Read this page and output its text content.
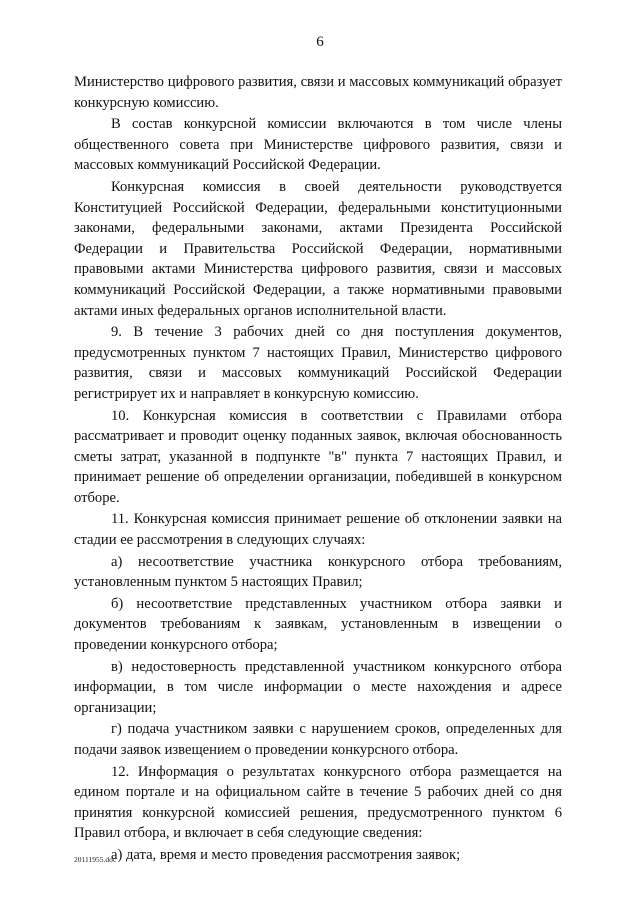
6

Министерство цифрового развития, связи и массовых коммуникаций образует конкурсную комиссию.

В состав конкурсной комиссии включаются в том числе члены общественного совета при Министерстве цифрового развития, связи и массовых коммуникаций Российской Федерации.

Конкурсная комиссия в своей деятельности руководствуется Конституцией Российской Федерации, федеральными конституционными законами, федеральными законами, актами Президента Российской Федерации и Правительства Российской Федерации, нормативными правовыми актами Министерства цифрового развития, связи и массовых коммуникаций Российской Федерации, а также нормативными правовыми актами иных федеральных органов исполнительной власти.

9. В течение 3 рабочих дней со дня поступления документов, предусмотренных пунктом 7 настоящих Правил, Министерство цифрового развития, связи и массовых коммуникаций Российской Федерации регистрирует их и направляет в конкурсную комиссию.

10. Конкурсная комиссия в соответствии с Правилами отбора рассматривает и проводит оценку поданных заявок, включая обоснованность сметы затрат, указанной в подпункте "в" пункта 7 настоящих Правил, и принимает решение об определении организации, победившей в конкурсном отборе.

11. Конкурсная комиссия принимает решение об отклонении заявки на стадии ее рассмотрения в следующих случаях:

а) несоответствие участника конкурсного отбора требованиям, установленным пунктом 5 настоящих Правил;

б) несоответствие представленных участником отбора заявки и документов требованиям к заявкам, установленным в извещении о проведении конкурсного отбора;

в) недостоверность представленной участником конкурсного отбора информации, в том числе информации о месте нахождения и адресе организации;

г) подача участником заявки с нарушением сроков, определенных для подачи заявок извещением о проведении конкурсного отбора.

12. Информация о результатах конкурсного отбора размещается на едином портале и на официальном сайте в течение 5 рабочих дней со дня принятия конкурсной комиссией решения, предусмотренного пунктом 6 Правил отбора, и включает в себя следующие сведения:

а) дата, время и место проведения рассмотрения заявок;

20111955.doc
